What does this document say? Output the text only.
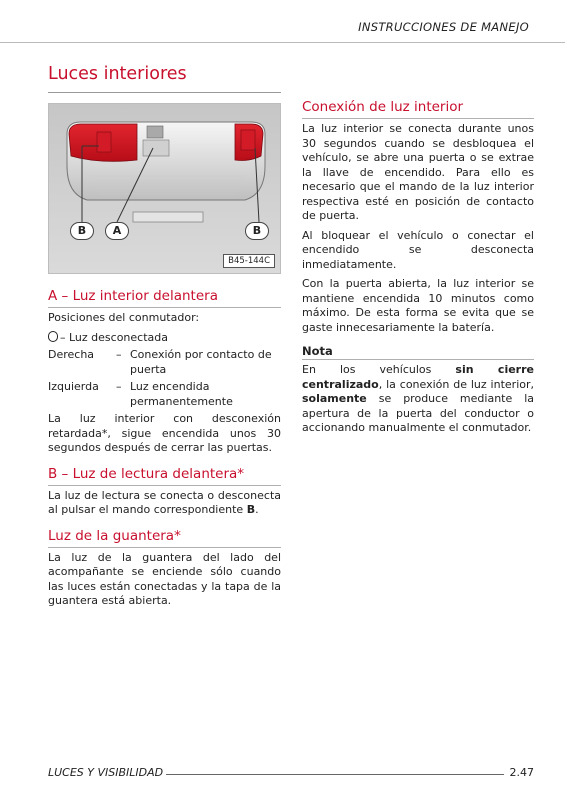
INSTRUCCIONES DE MANEJO
Luces interiores
B	A	B
B45-144C
A – Luz interior delantera

Posiciones del conmutador:

– Luz desconectada
Derecha	– Conexión por contacto de puerta
Izquierda	– Luz encendida permanentemente

La luz interior con desconexión retardada*, sigue encendida unos 30 segundos después de cerrar las puertas.

B – Luz de lectura delantera*

La luz de lectura se conecta o desconecta al pulsar el mando correspondiente B.

Luz de la guantera*

La luz de la guantera del lado del acompañante se enciende sólo cuando las luces están conectadas y la tapa de la guantera está abierta.

Conexión de luz interior

La luz interior se conecta durante unos 30 segundos cuando se desbloquea el vehículo, se abre una puerta o se extrae la llave de encendido. Para ello es necesario que el mando de la luz interior respectiva esté en posición de contacto de puerta.

Al bloquear el vehículo o conectar el encendido se desconecta inmediatamente.

Con la puerta abierta, la luz interior se mantiene encendida 10 minutos como máximo. De esta forma se evita que se gaste innecesariamente la batería.

Nota

En los vehículos sin cierre centralizado, la conexión de luz interior, solamente se produce mediante la apertura de la puerta del conductor o accionando manualmente el conmutador.

LUCES Y VISIBILIDAD	2.47
